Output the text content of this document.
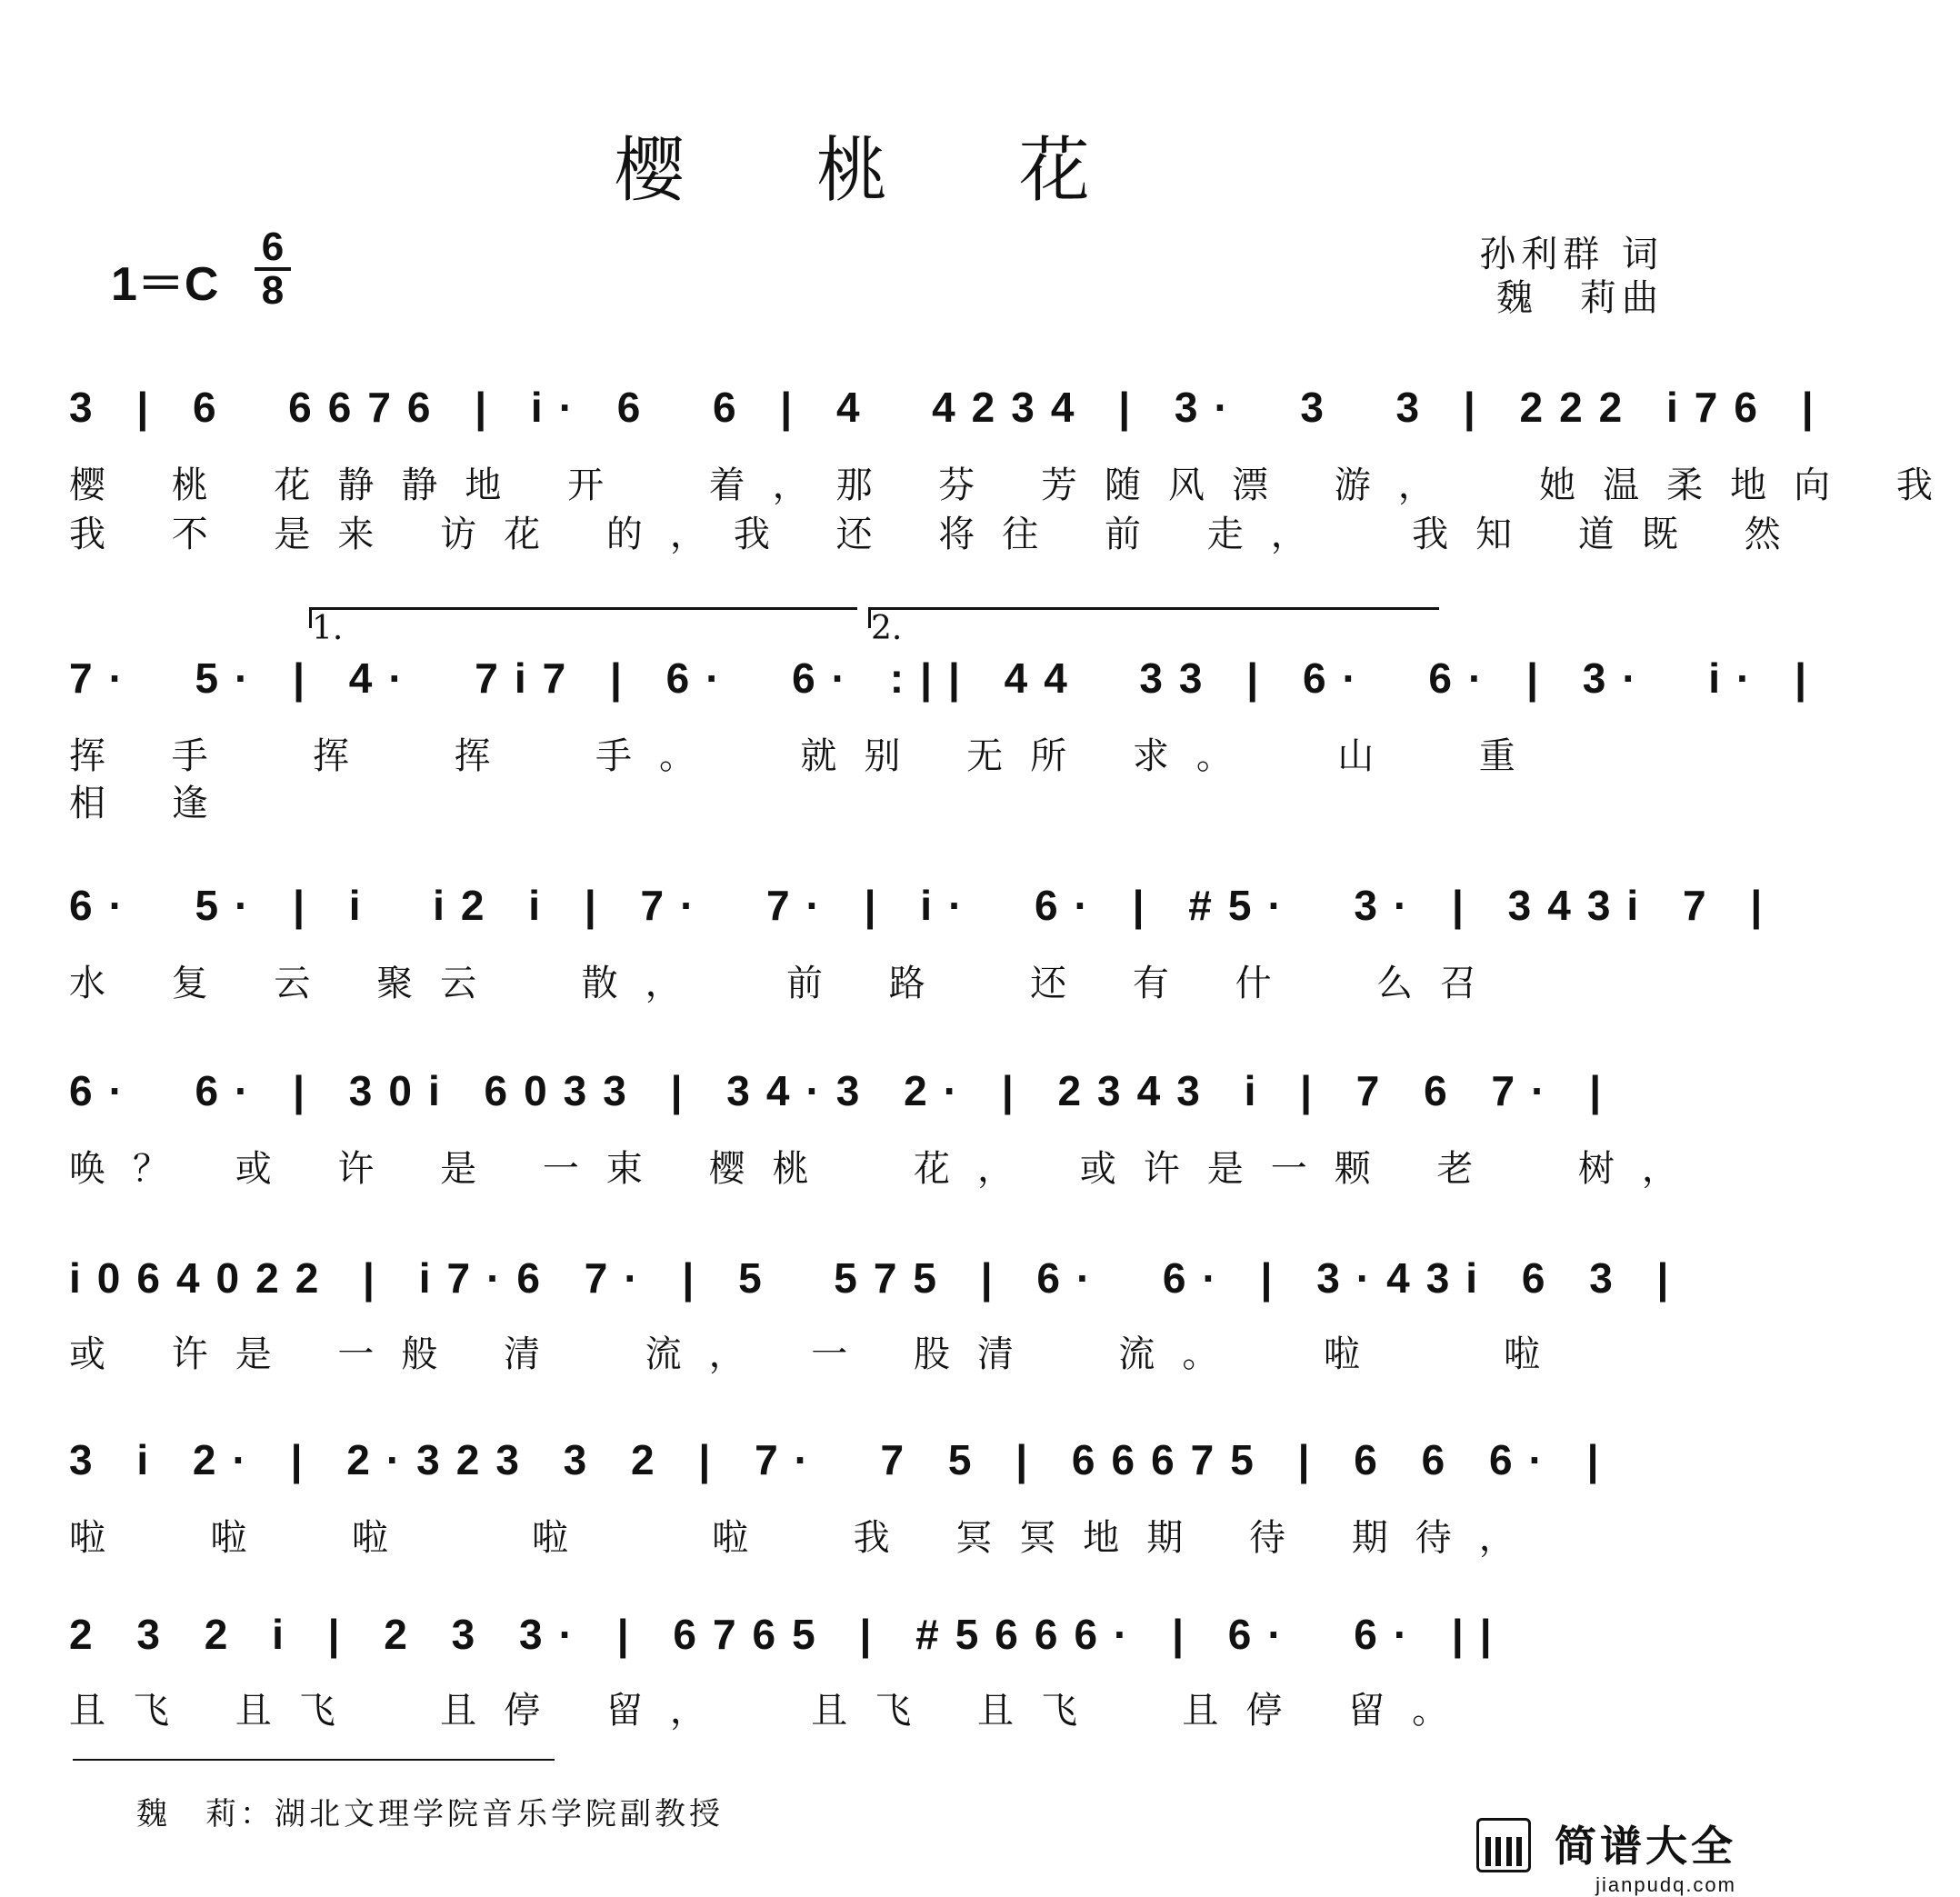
樱 桃 花
1＝C
6
8
孙利群 词
魏　莉曲
3 | 6  6676 | i· 6  6 | 4  4234 | 3·  3  3 | 222 i76 |
樱 桃 花静静地 开  着，那 芬 芳随风漂 游，  她温柔地向 我
我 不 是来 访花 的，我 还 将往 前 走，  我知 道既 然
1.	2.
7·  5· | 4·  7i7 | 6·  6· :|| 44  33 | 6·  6· | 3·  i· |
挥 手  挥  挥  手。  就别 无所 求。  山  重
相 逢
6·  5· | i  i2 i | 7·  7· | i·  6· | #5·  3· | 343i 7 |
水 复 云 聚云  散，  前 路  还 有 什  么召
6·  6· | 30i 6033 | 34·3 2· | 2343 i | 7 6 7· |
唤？ 或 许 是 一束 樱桃  花， 或许是一颗 老  树，
i064022 | i7·6 7· | 5  575 | 6·  6· | 3·43i 6 3 |
或 许是 一般 清  流， 一 股清  流。  啦   啦
3 i 2· | 2·323 3 2 | 7·  7 5 | 66675 | 6 6 6· |
啦  啦  啦   啦   啦  我 冥冥地期 待 期待，
2 3 2 i | 2 3 3· | 6765 | #5666· | 6·  6· ||
且飞 且飞  且停 留，  且飞 且飞  且停 留。
魏　莉：湖北文理学院音乐学院副教授
简谱大全
jianpudq.com
